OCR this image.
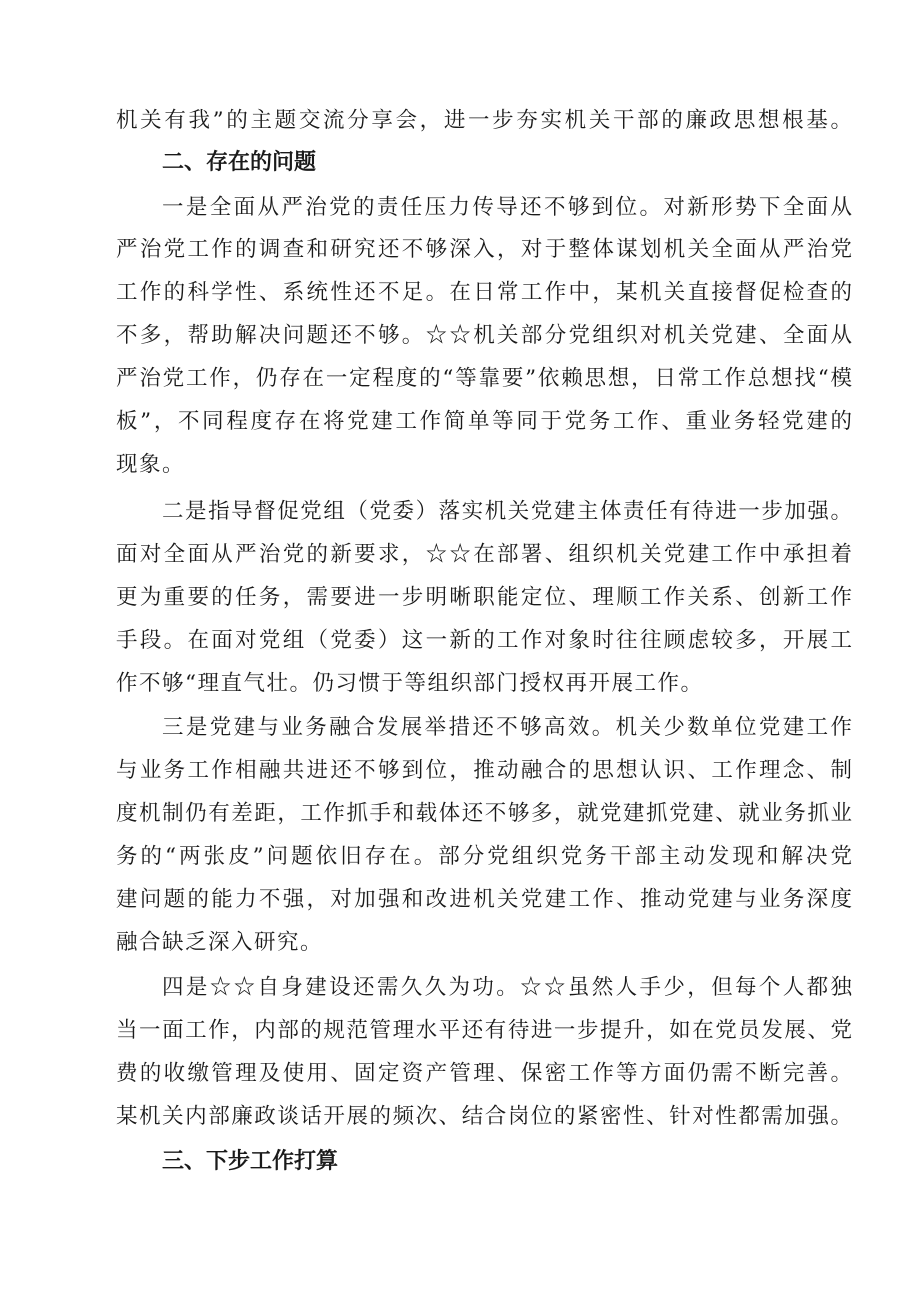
机关有我”的主题交流分享会，进一步夯实机关干部的廉政思想根基。
二、存在的问题
一是全面从严治党的责任压力传导还不够到位。对新形势下全面从
严治党工作的调查和研究还不够深入，对于整体谋划机关全面从严治党
工作的科学性、系统性还不足。在日常工作中，某机关直接督促检查的
不多，帮助解决问题还不够。☆☆机关部分党组织对机关党建、全面从
严治党工作，仍存在一定程度的“等靠要”依赖思想，日常工作总想找“模
板”，不同程度存在将党建工作简单等同于党务工作、重业务轻党建的
现象。
二是指导督促党组（党委）落实机关党建主体责任有待进一步加强。
面对全面从严治党的新要求，☆☆在部署、组织机关党建工作中承担着
更为重要的任务，需要进一步明晰职能定位、理顺工作关系、创新工作
手段。在面对党组（党委）这一新的工作对象时往往顾虑较多，开展工
作不够“理直气壮。仍习惯于等组织部门授权再开展工作。
三是党建与业务融合发展举措还不够高效。机关少数单位党建工作
与业务工作相融共进还不够到位，推动融合的思想认识、工作理念、制
度机制仍有差距，工作抓手和载体还不够多，就党建抓党建、就业务抓业
务的“两张皮”问题依旧存在。部分党组织党务干部主动发现和解决党
建问题的能力不强，对加强和改进机关党建工作、推动党建与业务深度
融合缺乏深入研究。
四是☆☆自身建设还需久久为功。☆☆虽然人手少，但每个人都独
当一面工作，内部的规范管理水平还有待进一步提升，如在党员发展、党
费的收缴管理及使用、固定资产管理、保密工作等方面仍需不断完善。
某机关内部廉政谈话开展的频次、结合岗位的紧密性、针对性都需加强。
三、下步工作打算
